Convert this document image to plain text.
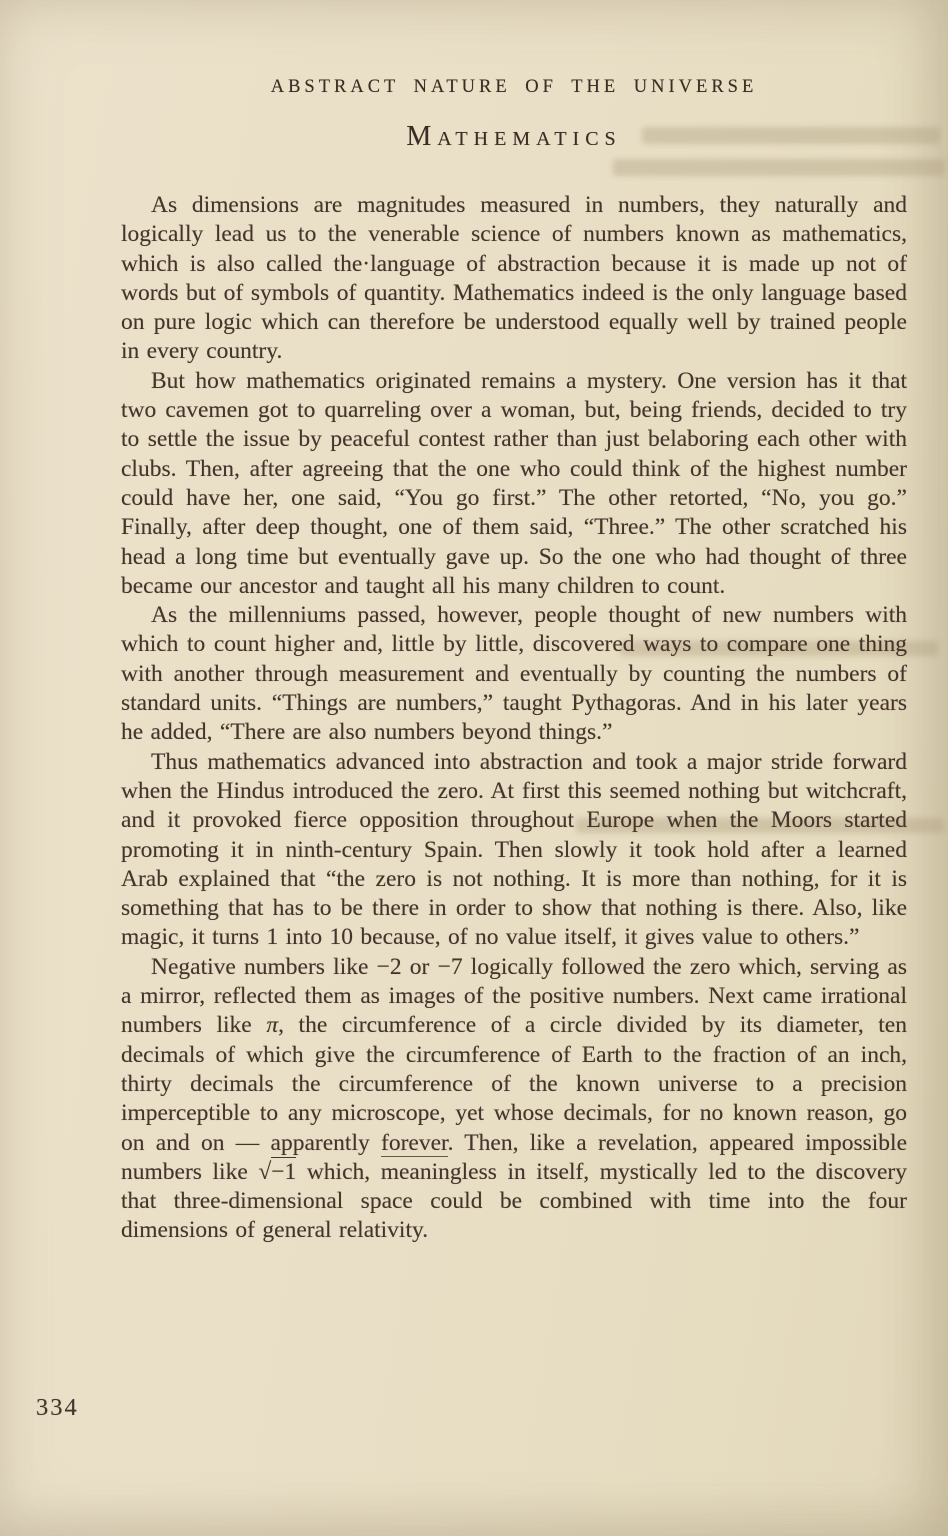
ABSTRACT NATURE OF THE UNIVERSE
Mathematics

As dimensions are magnitudes measured in numbers, they naturally and logically lead us to the venerable science of numbers known as mathematics, which is also called the·language of abstraction because it is made up not of words but of symbols of quantity. Mathematics indeed is the only language based on pure logic which can therefore be understood equally well by trained people in every country.

But how mathematics originated remains a mystery. One version has it that two cavemen got to quarreling over a woman, but, being friends, decided to try to settle the issue by peaceful contest rather than just belaboring each other with clubs. Then, after agreeing that the one who could think of the highest number could have her, one said, “You go first.” The other retorted, “No, you go.” Finally, after deep thought, one of them said, “Three.” The other scratched his head a long time but eventually gave up. So the one who had thought of three became our ancestor and taught all his many children to count.

As the millenniums passed, however, people thought of new numbers with which to count higher and, little by little, discovered ways to compare one thing with another through measurement and eventually by counting the numbers of standard units. “Things are numbers,” taught Pythagoras. And in his later years he added, “There are also numbers beyond things.”

Thus mathematics advanced into abstraction and took a major stride forward when the Hindus introduced the zero. At first this seemed nothing but witchcraft, and it provoked fierce opposition throughout Europe when the Moors started promoting it in ninth-century Spain. Then slowly it took hold after a learned Arab explained that “the zero is not nothing. It is more than nothing, for it is something that has to be there in order to show that nothing is there. Also, like magic, it turns 1 into 10 because, of no value itself, it gives value to others.”

Negative numbers like −2 or −7 logically followed the zero which, serving as a mirror, reflected them as images of the positive numbers. Next came irrational numbers like π, the circumference of a circle divided by its diameter, ten decimals of which give the circumference of Earth to the fraction of an inch, thirty decimals the circumference of the known universe to a precision imperceptible to any microscope, yet whose decimals, for no known reason, go on and on — apparently forever. Then, like a revelation, appeared impossible numbers like √−1 which, meaningless in itself, mystically led to the discovery that three-dimensional space could be combined with time into the four dimensions of general relativity.

334
